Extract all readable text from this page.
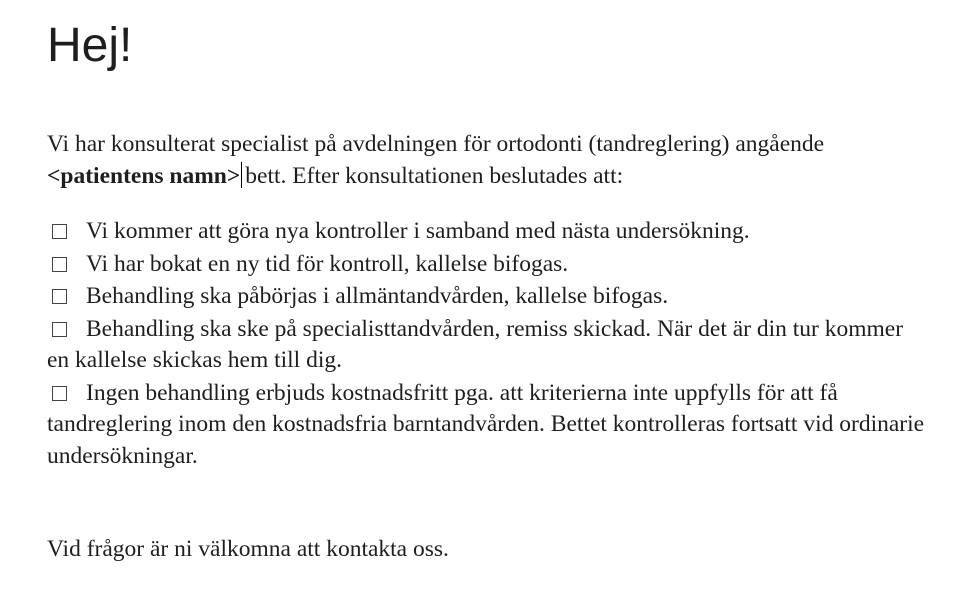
Hej!

Vi har konsulterat specialist på avdelningen för ortodonti (tandreglering) angående
<patientens namn> bett. Efter konsultationen beslutades att:

Vi kommer att göra nya kontroller i samband med nästa undersökning.
Vi har bokat en ny tid för kontroll, kallelse bifogas.
Behandling ska påbörjas i allmäntandvården, kallelse bifogas.
Behandling ska ske på specialisttandvården, remiss skickad. När det är din tur kommer en kallelse skickas hem till dig.
Ingen behandling erbjuds kostnadsfritt pga. att kriterierna inte uppfylls för att få tandreglering inom den kostnadsfria barntandvården. Bettet kontrolleras fortsatt vid ordinarie undersökningar.

Vid frågor är ni välkomna att kontakta oss.
